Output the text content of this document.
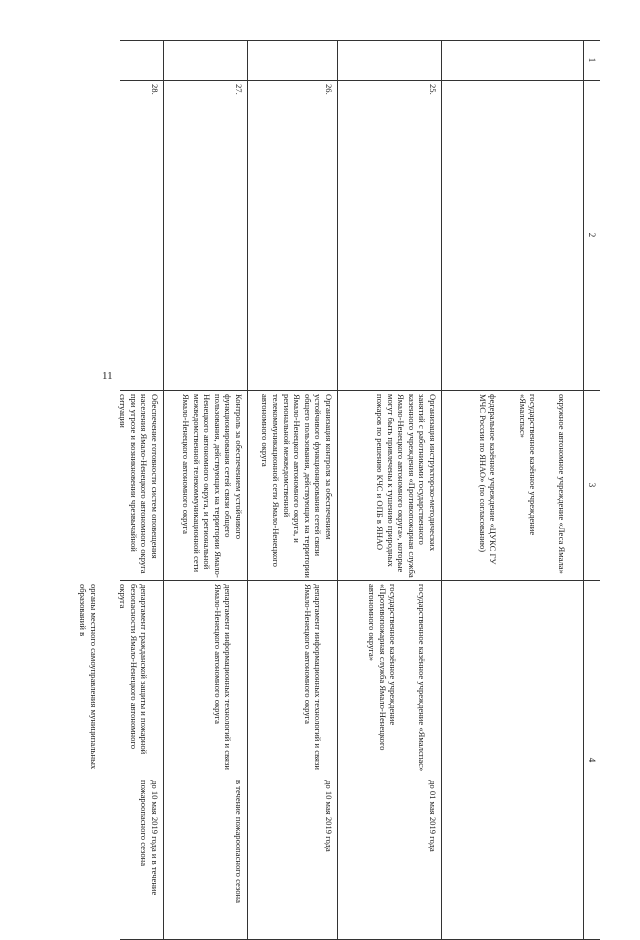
11
1
2
3
4

окружное автономное учреждение «Леса Ямала»

государственное казённое учреждение «Ямалспас»

федеральное казённое учреждение «ЦУКС ГУ МЧС России по ЯНАО» (по согласованию)

25.
Организация инструкторско-методических занятий с работниками государственного казенного учреждения «Противопожарная служба Ямало-Ненецкого автономного округа», которые могут быть привлечены к тушению природных пожаров по решению КЧС и ОПБ в ЯНАО

государственное казённое учреждение «Ямалспас»

государственное казённое учреждение «Противопожарная служба Ямало-Ненецкого автономного округа»

до 01 мая 2019 года
26.
Организация контроля за обеспечением устойчивого функционирования сетей связи общего пользования, действующих на территории Ямало-Ненецкого автономного округа, и региональной межведомственной телекоммуникационной сети Ямало-Ненецкого автономного округа

департамент информационных технологий и связи Ямало-Ненецкого автономного округа

до 10 мая 2019 года
27.
Контроль за обеспечением устойчивого функционирования сетей связи общего пользования, действующих на территории Ямало-Ненецкого автономного округа, и региональной межведомственной телекоммуникационной сети Ямало-Ненецкого автономного округа

департамент информационных технологий и связи Ямало-Ненецкого автономного округа

в течение пожароопасного сезона
28.
Обеспечение готовности систем оповещения населения Ямало-Ненецкого автономного округа при угрозе и возникновении чрезвычайной ситуации

департамент гражданской защиты и пожарной безопасности Ямало-Ненецкого автономного округа

органы местного самоуправления муниципальных образований в

до 10 мая 2019 года и в течение пожароопасного сезона
